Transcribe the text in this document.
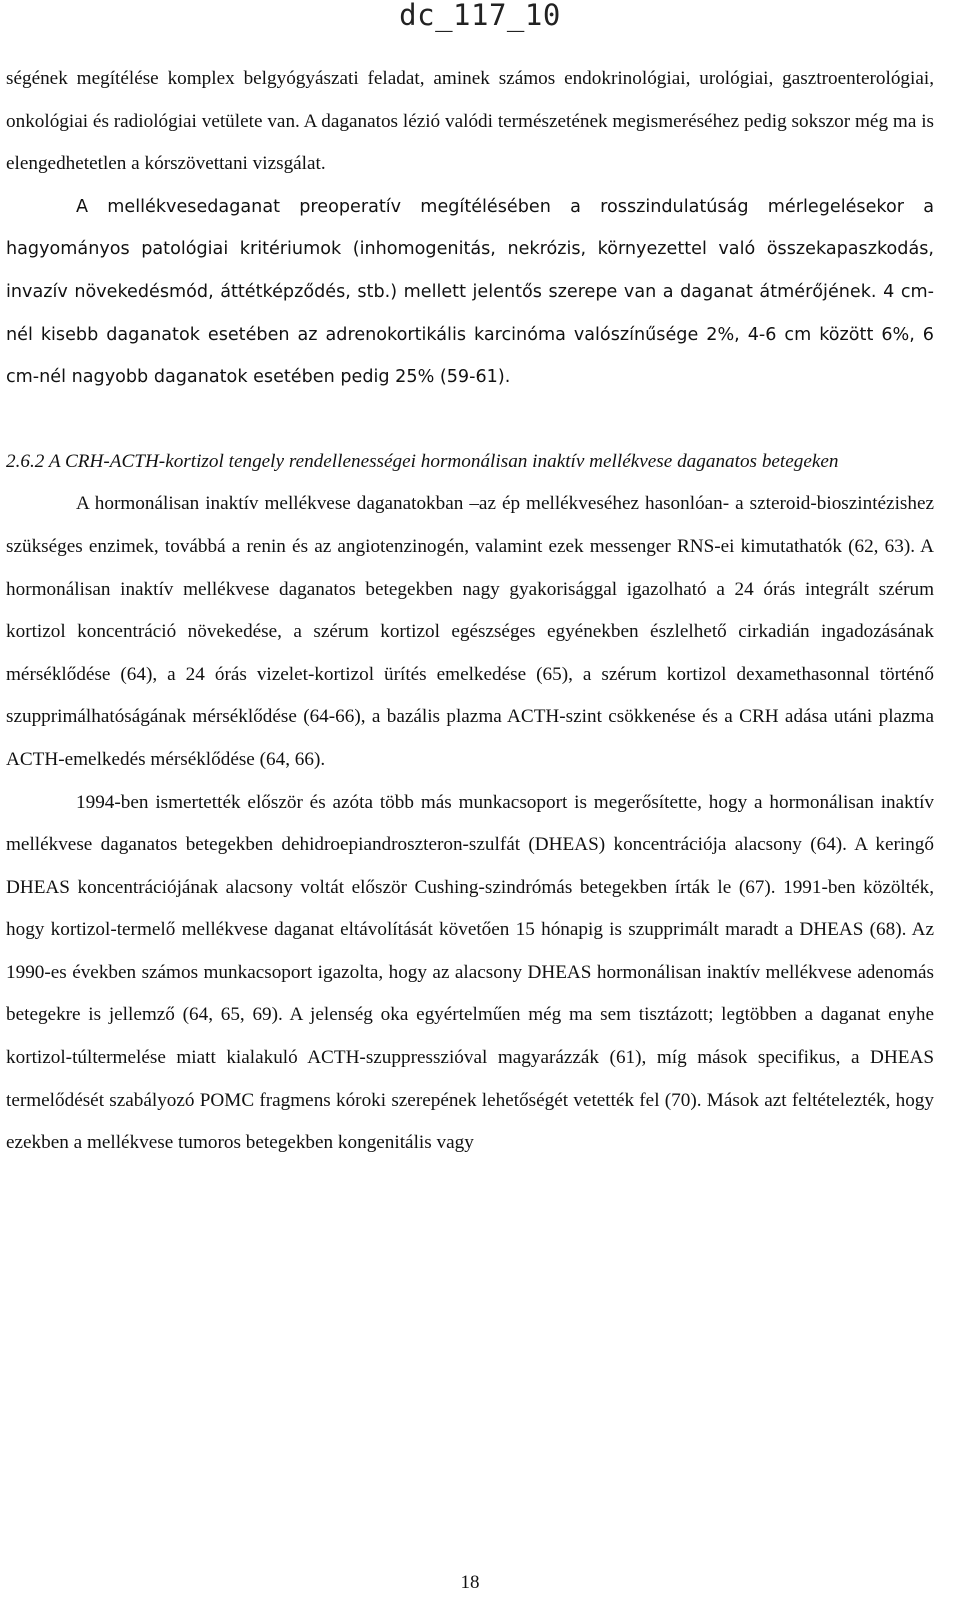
dc_117_10

ségének megítélése komplex belgyógyászati feladat, aminek számos endokrinológiai, urológiai, gasztroenterológiai, onkológiai és radiológiai vetülete van. A daganatos lézió valódi természetének megismeréséhez pedig sokszor még ma is elengedhetetlen a kórszövettani vizsgálat.

A mellékvesedaganat preoperatív megítélésében a rosszindulatúság mérlegelésekor a hagyományos patológiai kritériumok (inhomogenitás, nekrózis, környezettel való összekapaszkodás, invazív növekedésmód, áttétképződés, stb.) mellett jelentős szerepe van a daganat átmérőjének. 4 cm-nél kisebb daganatok esetében az adrenokortikális karcinóma valószínűsége 2%, 4-6 cm között 6%, 6 cm-nél nagyobb daganatok esetében pedig 25% (59-61).

2.6.2 A CRH-ACTH-kortizol tengely rendellenességei hormonálisan inaktív mellékvese daganatos betegeken

A hormonálisan inaktív mellékvese daganatokban –az ép mellékveséhez hasonlóan- a szteroid-bioszintézishez szükséges enzimek, továbbá a renin és az angiotenzinogén, valamint ezek messenger RNS-ei kimutathatók (62, 63). A hormonálisan inaktív mellékvese daganatos betegekben nagy gyakorisággal igazolható a 24 órás integrált szérum kortizol koncentráció növekedése, a szérum kortizol egészséges egyénekben észlelhető cirkadián ingadozásának mérséklődése (64), a 24 órás vizelet-kortizol ürítés emelkedése (65), a szérum kortizol dexamethasonnal történő szupprimálhatóságának mérséklődése (64-66), a bazális plazma ACTH-szint csökkenése és a CRH adása utáni plazma ACTH-emelkedés mérséklődése (64, 66).

1994-ben ismertették először és azóta több más munkacsoport is megerősítette, hogy a hormonálisan inaktív mellékvese daganatos betegekben dehidroepiandroszteron-szulfát (DHEAS) koncentrációja alacsony (64). A keringő DHEAS koncentrációjának alacsony voltát először Cushing-szindrómás betegekben írták le (67). 1991-ben közölték, hogy kortizol-termelő mellékvese daganat eltávolítását követően 15 hónapig is szupprimált maradt a DHEAS (68). Az 1990-es években számos munkacsoport igazolta, hogy az alacsony DHEAS hormonálisan inaktív mellékvese adenomás betegekre is jellemző (64, 65, 69). A jelenség oka egyértelműen még ma sem tisztázott; legtöbben a daganat enyhe kortizol-túltermelése miatt kialakuló ACTH-szuppresszióval magyarázzák (61), míg mások specifikus, a DHEAS termelődését szabályozó POMC fragmens kóroki szerepének lehetőségét vetették fel (70). Mások azt feltételezték, hogy ezekben a mellékvese tumoros betegekben kongenitális vagy

18
